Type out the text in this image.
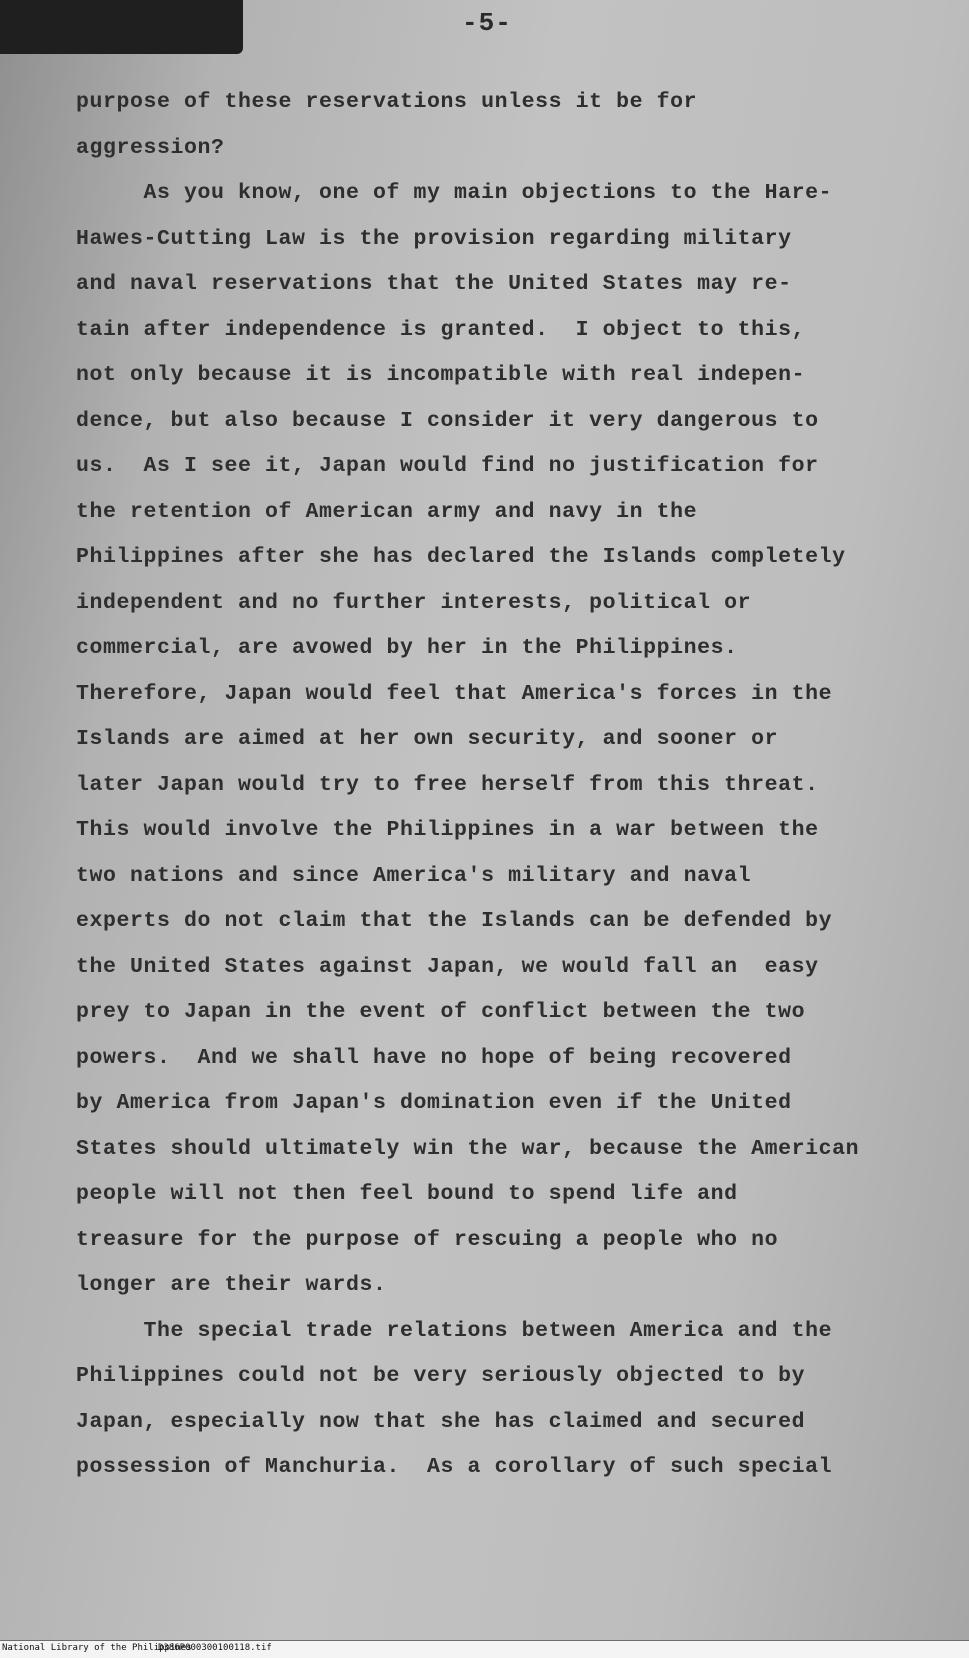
-5-
purpose of these reservations unless it be for
aggression?
As you know, one of my main objections to the Hare-
Hawes-Cutting Law is the provision regarding military
and naval reservations that the United States may re-
tain after independence is granted.  I object to this,
not only because it is incompatible with real indepen-
dence, but also because I consider it very dangerous to
us.  As I see it, Japan would find no justification for
the retention of American army and navy in the
Philippines after she has declared the Islands completely
independent and no further interests, political or
commercial, are avowed by her in the Philippines.
Therefore, Japan would feel that America's forces in the
Islands are aimed at her own security, and sooner or
later Japan would try to free herself from this threat.
This would involve the Philippines in a war between the
two nations and since America's military and naval
experts do not claim that the Islands can be defended by
the United States against Japan, we would fall an  easy
prey to Japan in the event of conflict between the two
powers.  And we shall have no hope of being recovered
by America from Japan's domination even if the United
States should ultimately win the war, because the American
people will not then feel bound to spend life and
treasure for the purpose of rescuing a people who no
longer are their wards.
The special trade relations between America and the
Philippines could not be very seriously objected to by
Japan, especially now that she has claimed and secured
possession of Manchuria.  As a corollary of such special
National Library of the Philippines
D386P000300100118.tif
